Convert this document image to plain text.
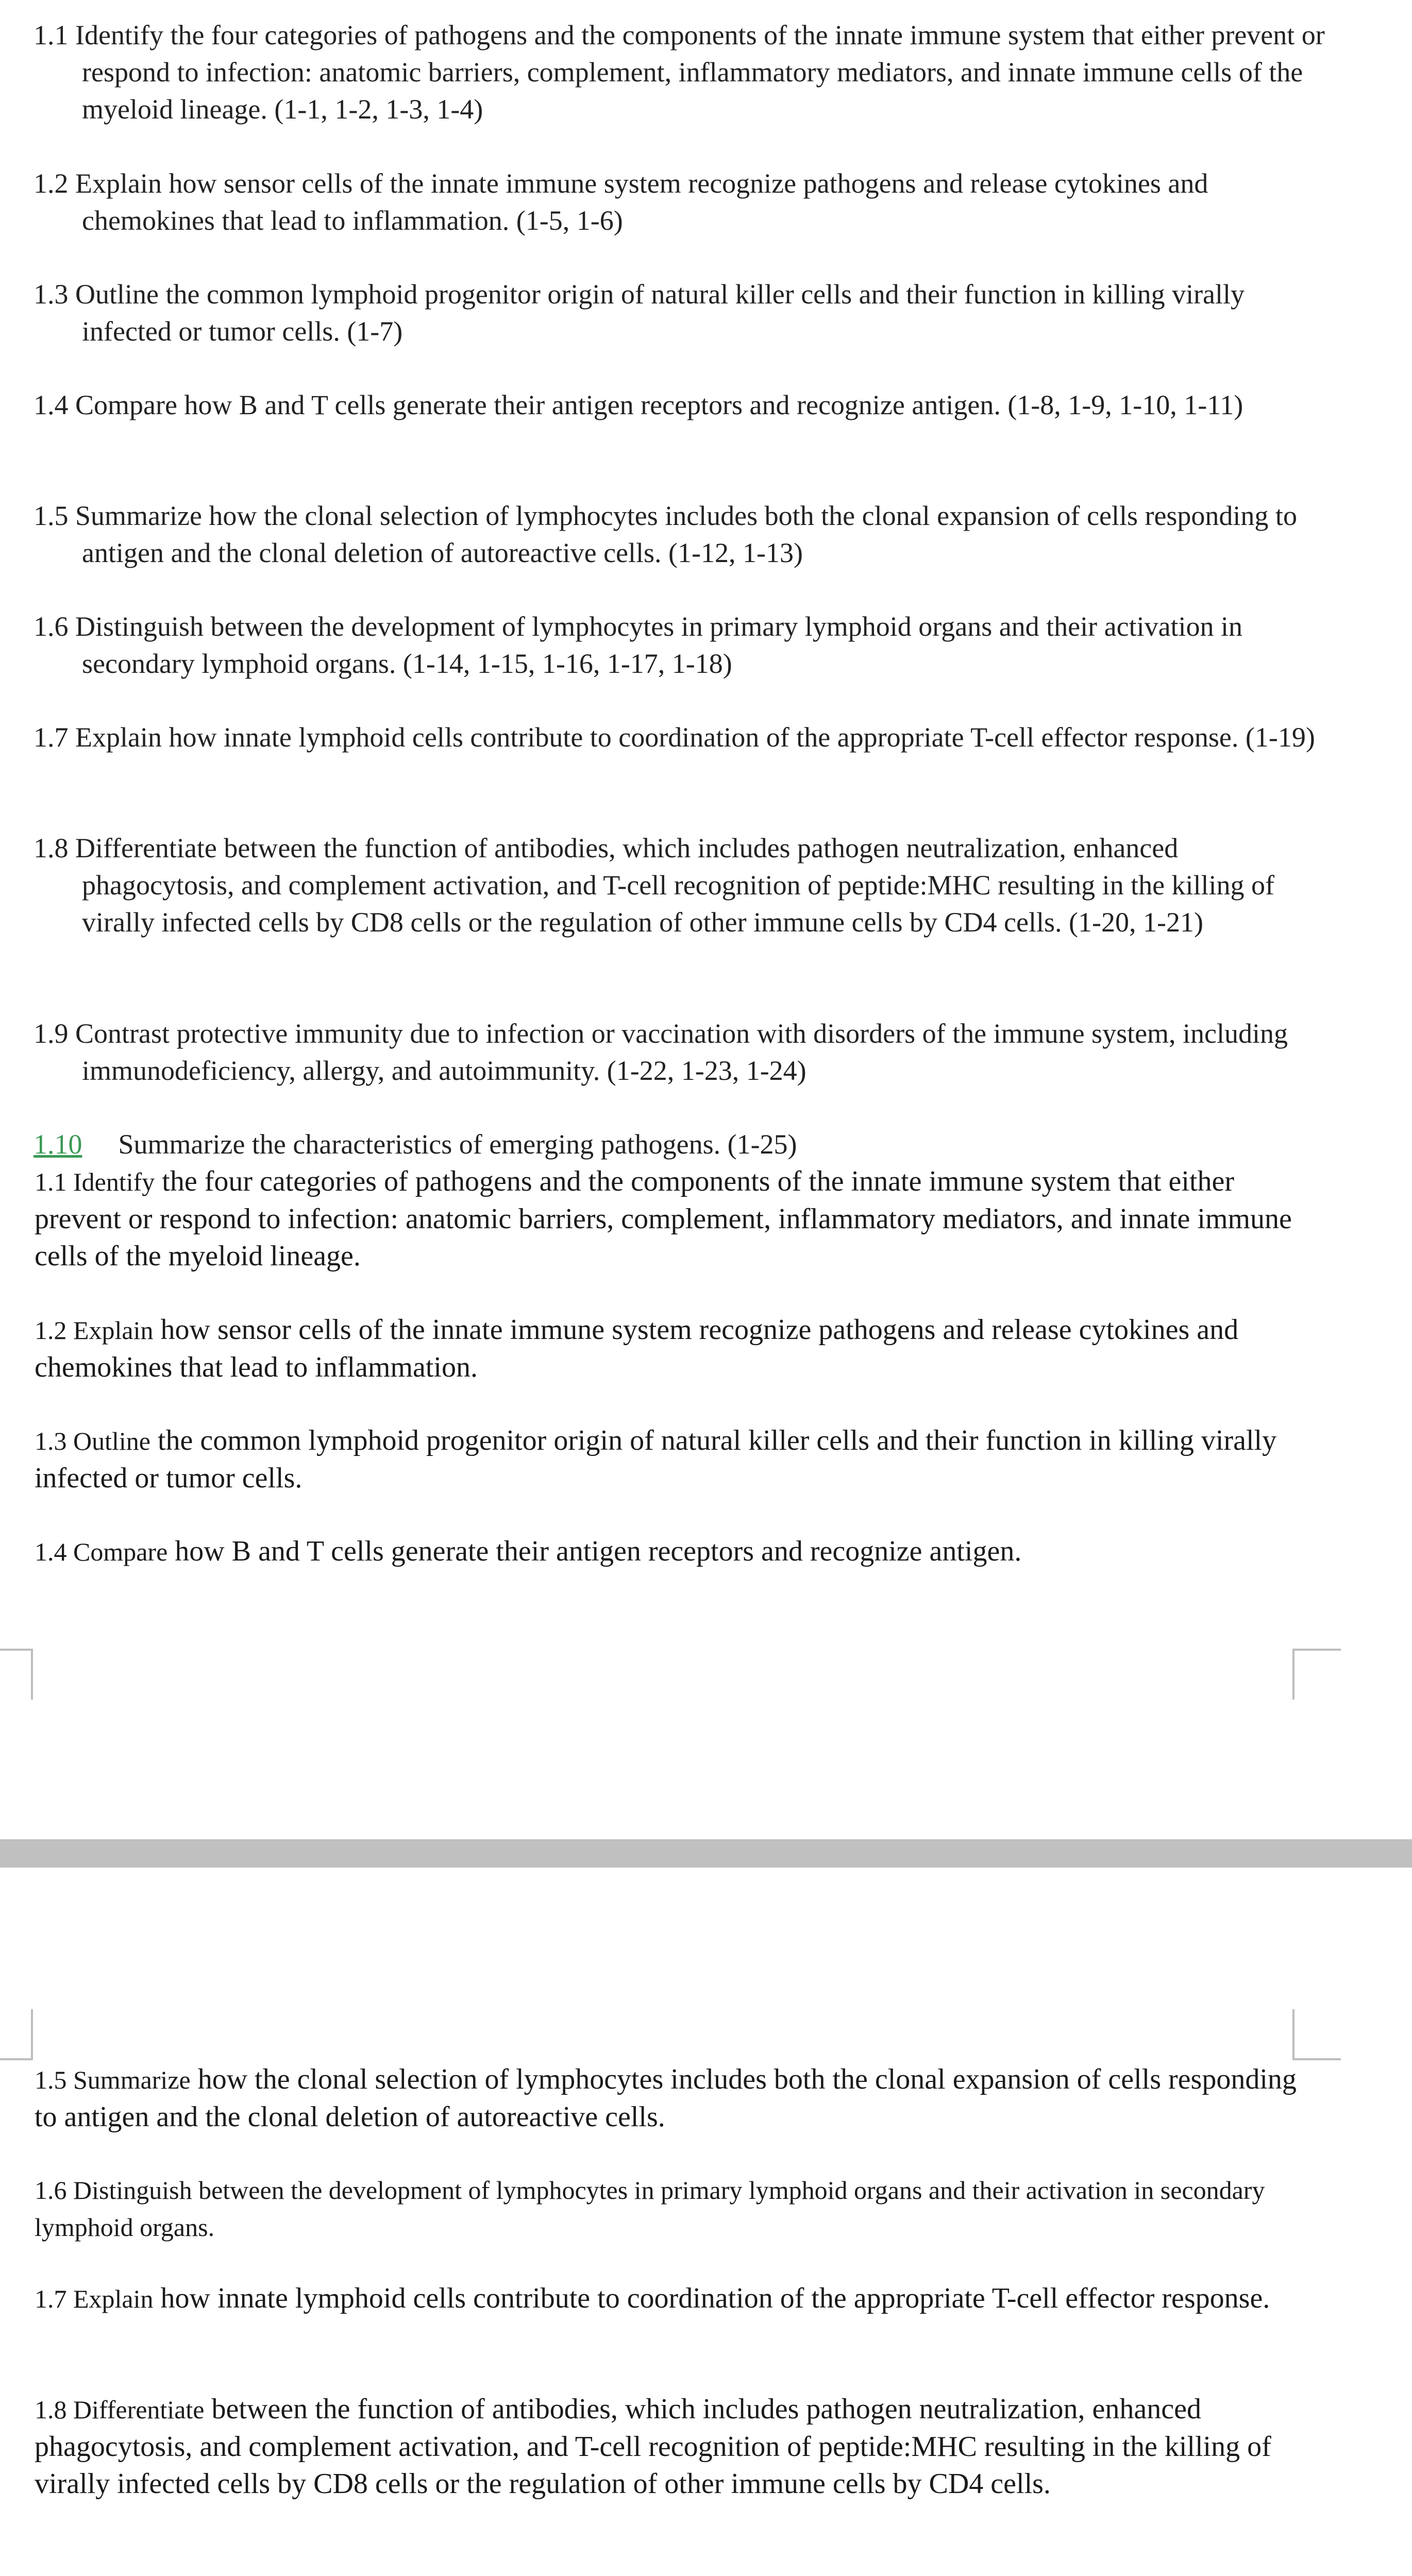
1.1 Identify the four categories of pathogens and the components of the innate immune system that either prevent or respond to infection: anatomic barriers, complement, inflammatory mediators, and innate immune cells of the myeloid lineage. (1-1, 1-2, 1-3, 1-4)

1.2 Explain how sensor cells of the innate immune system recognize pathogens and release cytokines and chemokines that lead to inflammation. (1-5, 1-6)

1.3 Outline the common lymphoid progenitor origin of natural killer cells and their function in killing virally infected or tumor cells. (1-7)

1.4 Compare how B and T cells generate their antigen receptors and recognize antigen. (1-8, 1-9, 1-10, 1-11)

1.5 Summarize how the clonal selection of lymphocytes includes both the clonal expansion of cells responding to antigen and the clonal deletion of autoreactive cells. (1-12, 1-13)

1.6 Distinguish between the development of lymphocytes in primary lymphoid organs and their activation in secondary lymphoid organs. (1-14, 1-15, 1-16, 1-17, 1-18)

1.7 Explain how innate lymphoid cells contribute to coordination of the appropriate T-cell effector response. (1-19)

1.8 Differentiate between the function of antibodies, which includes pathogen neutralization, enhanced phagocytosis, and complement activation, and T-cell recognition of peptide:MHC resulting in the killing of virally infected cells by CD8 cells or the regulation of other immune cells by CD4 cells. (1-20, 1-21)

1.9 Contrast protective immunity due to infection or vaccination with disorders of the immune system, including immunodeficiency, allergy, and autoimmunity. (1-22, 1-23, 1-24)

1.10 Summarize the characteristics of emerging pathogens. (1-25)

1.1 Identify the four categories of pathogens and the components of the innate immune system that either prevent or respond to infection: anatomic barriers, complement, inflammatory mediators, and innate immune cells of the myeloid lineage.

1.2 Explain how sensor cells of the innate immune system recognize pathogens and release cytokines and chemokines that lead to inflammation.

1.3 Outline the common lymphoid progenitor origin of natural killer cells and their function in killing virally infected or tumor cells.

1.4 Compare how B and T cells generate their antigen receptors and recognize antigen.

1.5 Summarize how the clonal selection of lymphocytes includes both the clonal expansion of cells responding to antigen and the clonal deletion of autoreactive cells.

1.6 Distinguish between the development of lymphocytes in primary lymphoid organs and their activation in secondary lymphoid organs.

1.7 Explain how innate lymphoid cells contribute to coordination of the appropriate T-cell effector response.

1.8 Differentiate between the function of antibodies, which includes pathogen neutralization, enhanced phagocytosis, and complement activation, and T-cell recognition of peptide:MHC resulting in the killing of virally infected cells by CD8 cells or the regulation of other immune cells by CD4 cells.
